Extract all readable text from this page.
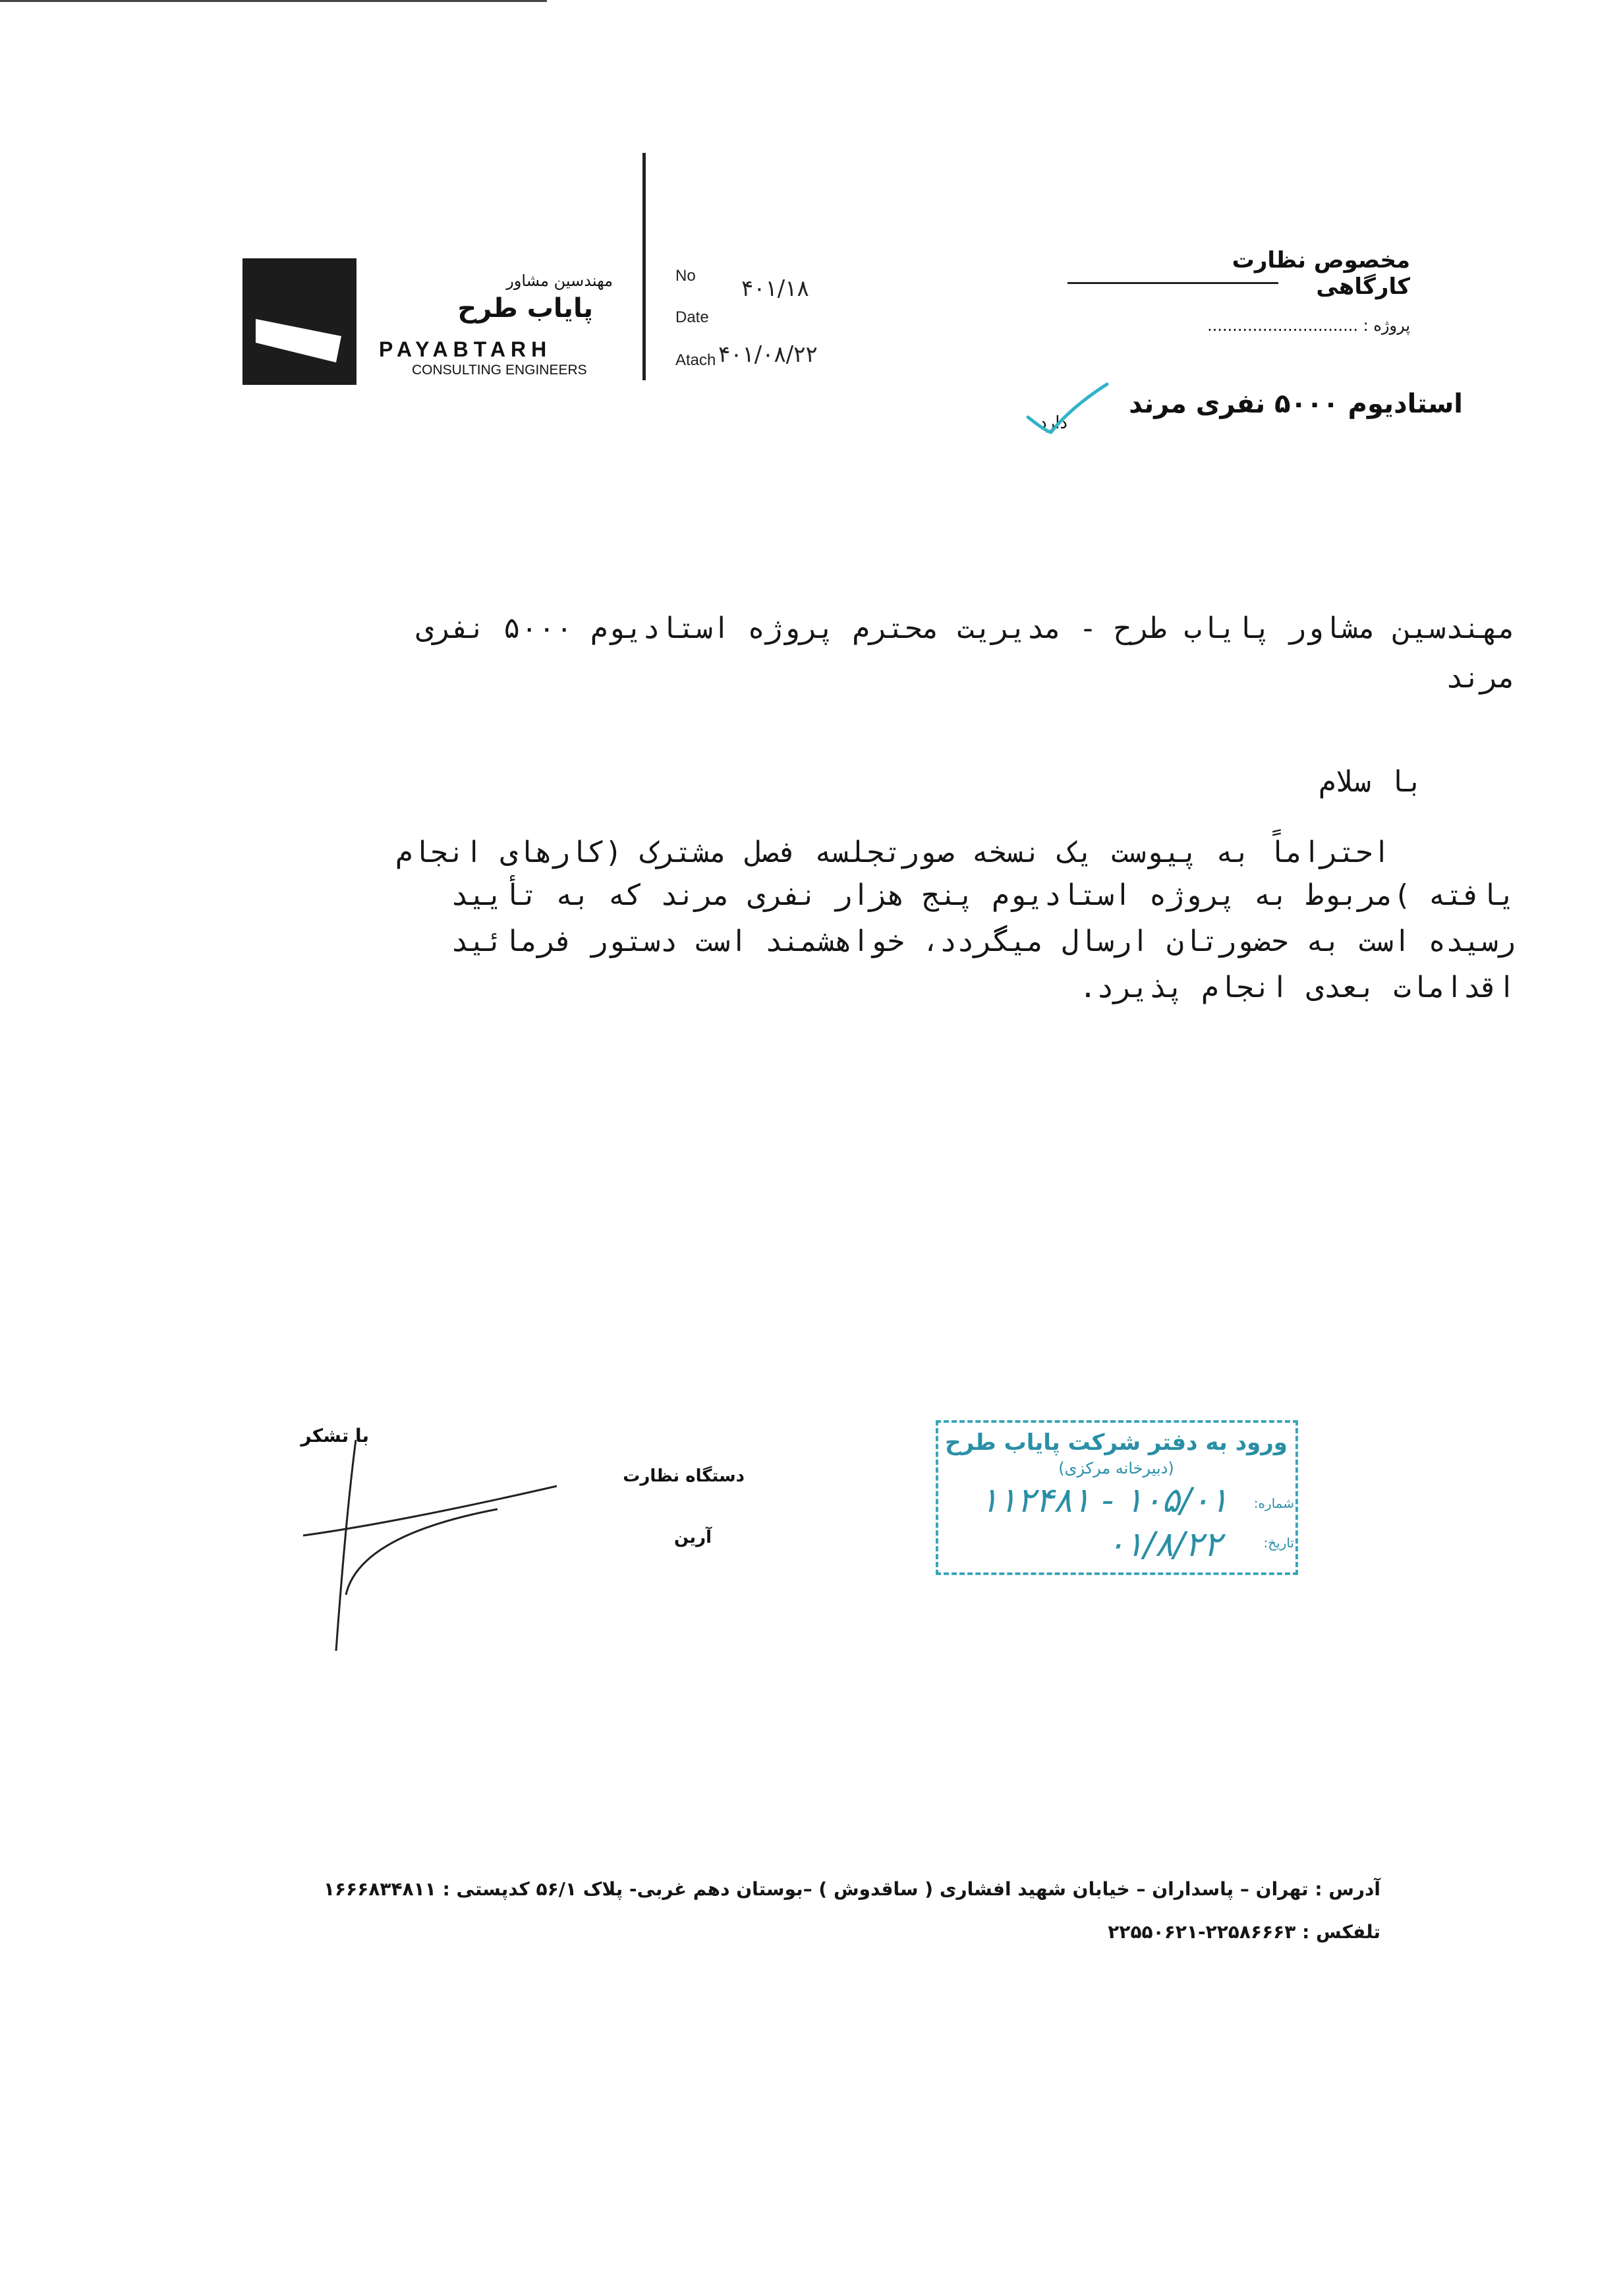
مهندسین مشاور
پایاب طرح
PAYABTARH
CONSULTING ENGINEERS
No ۴۰۱/۱۸
Date
Atach ۴۰۱/۰۸/۲۲
مخصوص نظارت کارگاهی
پروژه : ..............................
استادیوم ۵۰۰۰ نفری مرند
دارد
مهندسین مشاور پایاب طرح - مدیریت محترم پروژه استادیوم ۵۰۰۰ نفری
مرند
با سلام
احتراماً به پیوست یک نسخه صورتجلسه فصل مشترک (کارهای انجام
یافته )مربوط به پروژه استادیوم پنج هزار نفری مرند که به تأیید
رسیده است به حضورتان ارسال میگردد، خواهشمند است دستور فرمائید
اقدامات بعدی انجام پذیرد.
با تشکر
دستگاه نظارت
آرین
ورود به دفتر شرکت پایاب طرح
(دبیرخانه مرکزی)
شماره:
۱۰۵/۰۱ - ۱۱۲۴۸۱
تاریخ:
۰۱/۸/۲۲
آدرس : تهران – پاسداران – خیابان شهید افشاری ( ساقدوش ) –بوستان دهم غربی- پلاک ۵۶/۱ کدپستی : ۱۶۶۶۸۳۴۸۱۱
تلفکس : ۲۲۵۸۶۶۶۳-۲۲۵۵۰۶۲۱
